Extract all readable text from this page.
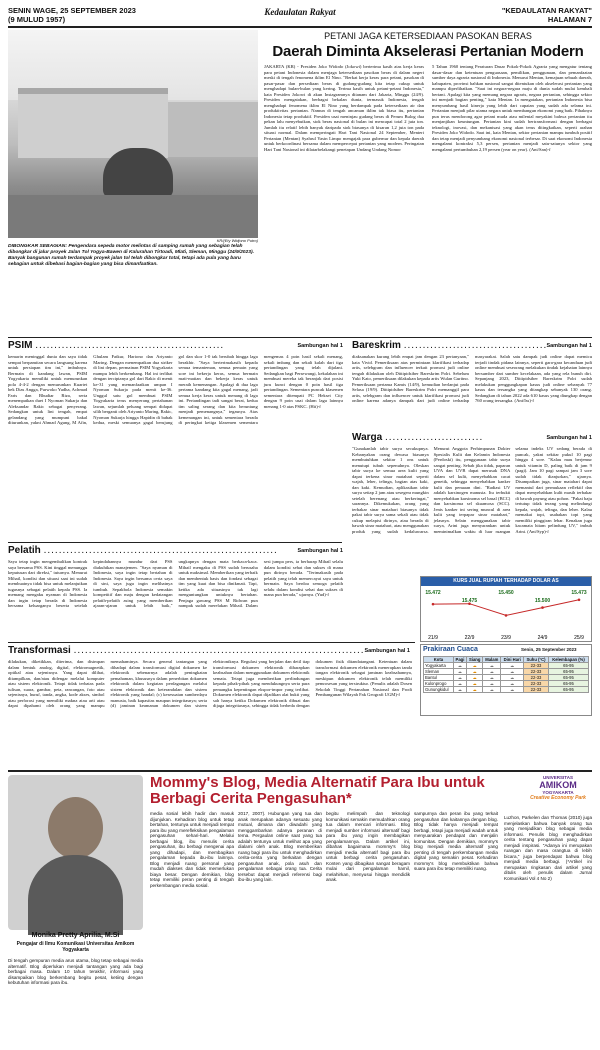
SENIN WAGE, 25 SEPTEMBER 2023
(9 MULUD 1957)
Kedaulatan Rakyat	"KEDAULATAN RAKYAT"
HALAMAN 7
KR/(Ety Widjono Putro)
DIBONGKAR SEBAGIAN: Pengendara sepeda motor melintas di samping rumah yang sebagian telah dibongkar di jalur proyek Jalan Tol Yogya-Bawen di Kalurahan Tirtoadi, Mlati, Sleman, Minggu (24/9/2023). Banyak bangunan rumah terdampak proyek jalan tol telah dibongkar total, tetapi ada pula yang baru sebagian untuk dibebasi bagian-bagian yang bisa dimanfaatkan.
PETANI JAGA KETERSEDIAAN PASOKAN BERAS
Daerah Diminta Akselerasi Pertanian Modern
JAKARTA (KR) - Presiden Joko Widodo (Jokowi) berterima kasih atas kerja keras para petani Indonesia dalam menjaga ketersediaan pasokan beras di dalam negeri meski di tengah fenomena iklim El Nino. "Berkat kerja keras para petani, pasokan di pasar-pasar dan persediaan beras di gudang-gudang kita tetap cukup untuk menghadapi bulan-bulan yang kering. Terima kasih untuk petani-petani Indonesia," kata Presiden Jokowi di akun Instagramnya ditanam dari Jakarta, Minggu (24/9). Presiden mengatakan, berbagai bekalan dunia, termasuk Indonesia, tengah menghadapi fenomena iklim El Nino yang berdampak pada ketersediaan air dan produktivitas pertanian. Namun di tengah ancaman iklim tak biasa itu, pertanian Indonesia tetap produktif. Presiden usai meninjau gudang beras di Perum Bulog dua pekan lalu menyebutkan, stok beras nasional di bulan ini mencapai total 2 juta ton. Jumlah itu relatif lebih banyak daripada stok biasanya di kisaran 1,2 juta ton pada situasi normal. Dalam memperingati Hari Tani Nasional 24 September, Menteri Pertanian (Mentan) Syahrul Yasin Limpo mengajak para gubernur dan kepala daerah untuk berkoordinasi bersama dalam mempercepat pertanian yang modern. Peringatan Hari Tani Nasional ini dilatarbelakangi penetapan Undang Undang Nomor
5 Tahun 1960 tentang Peraturan Dasar Pokok-Pokok Agraria yang mengatur tentang dasar-dasar dan ketentuan penguasaan, pemilikan, penggunaan, dan pemanfaatan sumber daya agraria nasional di Indonesia. Menurut Mentan, kemajuan sebuah daerah, kabupaten, provinsi bahkan nasional sangat ditentukan oleh akselerasi pertanian yang mampu diperlihatkan. "Saat ini negara-negara maju di dunia sudah mulai kembali bertani. Apalagi kita yang memang negara agraris, negara pertanian, sehingga sektor ini menjadi bagian penting," kata Mentan. Ia mengatakan, pertanian Indonesia bisa menyumbang hasil kinerja yang lebih dari capaian yang sudah ada selama ini. Pertanian menjadi pilar utama negara untuk membangun ekonomi yang baik. Pihaknya pun terus mendorong agar petani muda atau milenial meyakini bahwa pertanian itu menjanjikan keuntungan. Pertanian kini sudah bertransformasi dengan berbagai teknologi, inovasi, dan mekanisasi yang akan terus ditingkatkan, seperti arahan Presiden Joko Widodo. Saat ini, kata Mentan, sektor pertanian mampu tumbuh positif dan tetap menjadi penyumbang ekonomi nasional terbesar. Di saat ekonomi Indonesia mengalami kontraksi 5,3 persen, pertanian menjadi satu-satunya sektor yang mengalami pertumbuhan 2,19 persen (year on year). (Ant/San)-f
PSIM ..................................................	Sambungan hal 1
kemarin meninggal dunia dan saya tidak sempat berpamitan secara langsung karena untuk persiapan tim ini," imbuhnya. Bermain di kandang lawan, PSIM Yogyakarta memiliki untuk menurunkan pola 4-4-2 dengan menurunkan Kuartet bek Dias Angga, Purwoko Yudha, Achmad Faris dan Bhudiar Riza, serta menempatkan duet I Nyoman Sukarja dan Aleksandar Rakic sebagai penyerang. Sedangkan untuk lini tengah, empat gelandang yang mumpuni bakal diturunkan, yakni Ahmad Agung, M Afin, Ghulam Fatkur, Hariono dan Ariyanto Maring. Dengan menempatkan dua striker di lini depan, permainan PSIM Yogyakarta mampu lebih berkembang. Hal ini terlihat dengan terciptanya gol dari Rakic di menit ke-31 yang memanfaatkan umpan I Nyoman Sukarja pada menit ke-36. Unggul satu gol membuat PSIM Yogyakarta terus menyerang pertahanan lawan, sejumlah peluang sempat didapat silih berganti oleh Ariyanto Maring, Rakic, Nyoman Sukarja hingga Hapidin di babak kedua, meski semuanya gagal berujung gol dan skor 1-0 tak berubah hingga laga berakhir. "Saya berterimakasih kepada semua temanteman, semua pemain yang sore ini bekerja keras, semua bermain mati-matian dan bekerja keras untuk meraih kemenangan. Apalagi di dua laga pertama kandang kita gagal menang, jadi semua kerja keras untuk menang di laga ini. Pertandingan tadi sangat berat, kedua tim saling serang dan kita beruntung menjadi pemenangnya," tegasnya. Atas kemenangan ini, untuk sementara berada di peringkat ketiga klasemen sementara mengemas 4 poin hasil sekali menang, sekali imbang dan sekali kalah dari tiga pertandingan yang telah dijalani. Sedangkan bagi Persewangi, kekalahan ini membuat mereka tak beranjak dari posisi juru kunci dengan 0 poin hasil tiga pertandingan. Sementara puncak klasemen sementara ditempati PC Heksei City dengan 9 poin usai dalam laga lainnya menang 1-0 atas PSKC. (Hit)-f
Bareskrim ...................................... Sambungan hal 1
diaksanakan kurang lebih empat jam dengan 23 pertanyaan," kata Vivid. Pemeriksaan atas permintaan klarifikasi terhadap artis, selebgram dan influencer terkait promosi judi online tengah dilakukan oleh Dittipidsiber Bareskrim Polri. Sebelum Yuki Kato, pemeriksaan dilakukan kepada artis Wulan Guritno. Pemeriksaan pertama Kamis (14/9), kemudian berlanjut pada Selasa (19/9). Dittipidsiber Bareskrim Polri memanggil para artis, selebgram dan influencer untuk klarifikasi promosi judi online karena adanya dampak dari judi online terhadap masyarakat. Salah satu dampak judi online dapat memicu terjadi tindak pidana lainnya, seperti gara-gara kecanduan judi online membuat seseorang melakukan tindak kejahatan lainnya bersumber dari sumber kecelakaan, ada yang rela bunuh diri. Sepanjang 2023, Dittipidsiber Bareskrim Polri sudah melakukan penggungkapan kasus judi online sebanyak 77 kasus dan tersangka yang ditangkap sebanyak 130 orang. Sedangkan di tahun 2022 ada 610 kasus yang diungkap dengan 760 orang tersangka. (Ant/Iss)-f
Warga ..........................	Sambungan hal 1
"Gunakanlah tabir surya secukupnya. Kebanyakan orang dewasa biasanya membutuhkan sekitar 1 ons untuk menutupi tubuh sepenuhnya. Oleskan tabir surya ke semua area kulit yang dapat terkena sinar matahari seperti wajah, leher, telinga, bagian atas kaki, dan kaki. Kemudian, aplikasikan tabir surya setiap 2 jam atau sesegera mungkin setelah berenang atau berkeringat," sarannya. Dikemukakan, orang yang terbakar sinar matahari biasanya tidak pakai tabir surya sama sekali atau tidak cukup melapisi dirinya, atau berada di bawah sinar matahari, atau menggunakan produk yang sudah kedaluwarsa. Menurut Anggota Perhimpunan Dokter Spesialis Kulit dan Kelamin Indonesia (Perdoski) itu, penggunaan tabir surya sangat penting. Sebab jika tidak, paparan UVA dan UVB dapat merusak DNA dalam sel kulit, menyebabkan cacat genetik, sehingga menyebabkan kanker kulit dan penuaan dini. "Radiasi UV adalah karsinogen manusia. Itu terbukti menyebabkan karsinoma sel basal (BCC) dan karsinoma sel skuamosa (SCC). Jenis kanker ini sering muncul di area kulit yang terpapar sinar matahari," jelasnya. Selain menggunakan tabir surya, Arini juga menyarankan untuk meminimalkan waktu di luar ruangan selama indeks UV sedang berada di puncak, yakni sekitar pukul 10 pagi hingga 4 sore. "Kalau mau berjemur untuk vitamin D, paling baik di jam 9 (pagi). Jam 10 pagi sampai jam 3 sore sudah tidak dianjurkan," ujarnya. Disampaikan juga, sinar matahari dapat memantul dari permukaan reflektif dan dapat menyebabkan kulit masih terbakar di bawah payung atau pohon. "Pakai baju tertutup tidak terang yang melindungi kepala, wajah, telinga, dan leher. Kalau memakai topi, usahakan topi yang memiliki pinggiran lebar. Kenakan juga kacamata hitam pelindung UV," imbuh Arini. (Ant/Syp)-f
Pelatih ..............................................................	Sambungan hal 1
Saya tetap ingin mengembalikan kontrak saya bersama PSS. Kini tinggal menunggu keputusan dari direksi," tuturnya. Menurut Mihail, kondisi dan situasi saat ini sudah membuatnya tidak bisa untuk melanjutkan tugasnya sebagai pelatih kepala PSS. Ia memang mengaku nyaman di Indonesia dan ingin tetap berada di Indonesia bersama keluarganya beserta setelah kepindahannya mundur dari PSS diakuhikan manajemen. "Saya nyaman di Indonesia, saya ingin tetap bertahan di Indonesia. Saya ingin bersama ceria saya di sini, saya juga ingin melihatnya tumbuh. Sepakbola Indonesia semakin kompetitif dan maju dengan kedatangan pelatih-pelatih asing yang memberikan ajaran-ajaran untuk lebih baik," ungkapnya dengan mata berkaca-kaca. Mihail mengaku di PSS sudah berusaha untuk maksimal. Memberikan yang terbaik dan membentuk basis dan fondasi sebagai tim yang kuat dan bisa dinikmati. Tapi, ketika ada situasinya tak lagi menguntungkan untuknya bertahan. Penjaga gawang PSS M Ridwan pun nampak sudah merelakan Mihail. Dalam sesi jumpa pers, ia berharap Mihail selalu dalam kondisi sehat dan sukses di mana pun dirinya berada. "Terimakasih pada pelatih yang telah memercayai saya untuk bermain. Saya berdoa semoga pelatih selalu dalam kondisi sehat dan sukses di mana pun berada," ujarnya. (Yud)-f
KURS JUAL RUPIAH TERHADAP DOLAR AS
21/9	22/9	23/9	24/9	25/9
15.472
15.475
15.450
15.500
15.473
Prakiraan Cuaca	Senin, 25 September 2023
Kota	Pagi	Siang	Malam	Dini Hari	Suhu (°C)	Kelembapan (%)
Yogyakarta	☁	☁	☁	☁	22-33	65-95
Sleman	☁	☁	☁	☁	22-33	65-95
Bantul	☁	☁	☁	☁	22-33	65-95
Kulonprogo	☁	☁	☁	☁	22-33	65-95
Gunungkidul	☁	☁	☁	☁	22-33	65-95
Transformasi ............................................................................. Sambungan hal 1
dilakukan, diketikkan, diterima, dan disimpan dalam bentuk analog, digital, elektromagnetik, optikal atau sejenisnya. Yang dapat dilihat, ditampilkan, dan/atau didengar melalui komputer atau sistem elektronik. Tetapi tidak terbatas pada tulisan, suara, gambar, peta, rancangan, foto atau sejenisnya, huruf, tanda, angka, kode akses, simbol atau perforasi yang memiliki makna atau arti atau dapat dipahami oleh orang yang mampu memahaminya. Secara general tantangan yang dihadapi dalam transformasi digital dokumen ke elektronik sebenarnya adalah peningkatan pemahaman, khususnya dalam penerbitan dokumen elektronik dalam kegiatan perdagangan melalui sistem elektronik dan keterandalan dan sistem elektronik yang handal; (c) kesesuaian sumberdaya manusia, baik kapasitas maupun integritasnya; serta (d) jaminan keamanan dokumen dan sistem elektroniknya. Regulasi yang berjalan dan detil tiap transformasi dokumen elektronik diharapkan keabsahan dalam menggunakan dokumen elektronik semata. Tetapi juga memberikan perlindungan kepada pihak-pihak yang mendukungnya serta para pemangku kepentingan ekspor-impor yang terlibat. Dokumen elektronik dapat dijadikan alat bukti yang sah hanya ketika Dokumen elektronik dibuat dan dijaga integritasnya, sehingga tidak berbeda dengan dokumen fisik ditandatangani. Ketentuan dalam transformasi dokumen elektronik menerapkan tanda tangan elektronik sebagai jaminan keabsahannya, meskipun dokumen elektronik telah memiliki pemrosesan yang terstruktur. (Penulis adalah Dosen Sekolah Tinggi Pertanahan Nasional dan Prodi Pembangunan Wilayah Fak Geografi UGM)-f
Mommy's Blog, Media Alternatif Para Ibu untuk Berbagi Cerita Pengasuhan*
UNIVERSITAS
AMIKOM
YOGYAKARTA
Creative Economy Park
Monika Pretty Aprilia, M.Si
Pengajar di Ilmu Komunikasi Universitas Amikom Yogyakarta
Di tengah gempuran media arus utama, blog tetap sebagai media alternatif. Blog diperlukan menjadi tantangan yang ada bagi berbagai masa. Dalam 10 tahun terakhir, informasi yang disampaikan blog berkembang begitu pesat, ketiing dengan kebutuhan informasi para ibu.
media sosial lebih hadir dan masuk dijunjukan. Kehadiran blog untuk tetap bertahan, tentunya untuk menjadi tempat para ibu yang merefleksikan pengalaman pengasuhan sehari-hari. Melalui berbagai blog, ibu menulis cerita pengasuhan, ibu berbagi mengenai apa yang dihadapi, dan membagikan pengalaman kepada ibu-ibu lainnya. Blog menjadi ruang personal yang mudah diakses dan tidak memerlukan biaya besar. Dengan demikian, blog tetap memiliki peran penting di tengah perkembangan media sosial.
2017, 2007). Hubungan yang tua dan anak merupakan adanya sesuatu yang mutual, dimana dan diwadahi yang menggambarkan adanya peranan di tema. Pergaulan online saat yang tua adalah tentunya untuk melihat apa yang dialami oleh anak. Blog memberikan ruang bagi para ibu untuk menghadirkan cerita-cerita yang berkaitan dengan pengasuhan anak, pola asuh dan pengalaman sebagai orang tua. Cerita tersebut dapat menjadi referensi bagi ibu-ibu yang lain.
begitu melimpah dan teknologi komunikasi semakin memudahkan orang tua dalam mencari informasi. Blog menjadi sumber informasi alternatif bagi para ibu yang ingin membagikan pengalamannya. Dalam artikel ini, dibahas bagaimana mommy's blog menjadi media alternatif bagi para ibu untuk berbagi cerita pengasuhan. Konten yang dibagikan sangat beragam mulai dari pengalaman hamil, melahirkan, menyusui hingga mendidik anak.
sampurnya dan peran ibu yang terkait pengasuhan dan kaitannya dengan blog. Blog tidak hanya menjadi tempat berbagi, tetapi juga menjadi wadah untuk menyuarakan pendapat dan menjalin komunitas. Dengan demikian, mommy's blog menjadi media alternatif yang penting di tengah perkembangan media digital yang semakin pesat. Kehadiran mommy's blog membuktikan bahwa suara para ibu tetap memiliki ruang.
Luzhon, Parkelen dan Thomas (2010) juga menjelaskan bahwa banyak orang tua yang menjadikan blog sebagai media informasi. Penulis blog menghadirkan cerita tentang pengasuhan yang dapat menjadi inspirasi. "Adanya ini merupakan ruangan dan masa orangtua di lebih bicara," juga berpendapat bahwa blog menjadi media berbagi. (*Artikel ini merupakan ringkasan dari artikel yang ditulis oleh penulis dalam Jurnal Komunikasi Vol 4 No 2)
